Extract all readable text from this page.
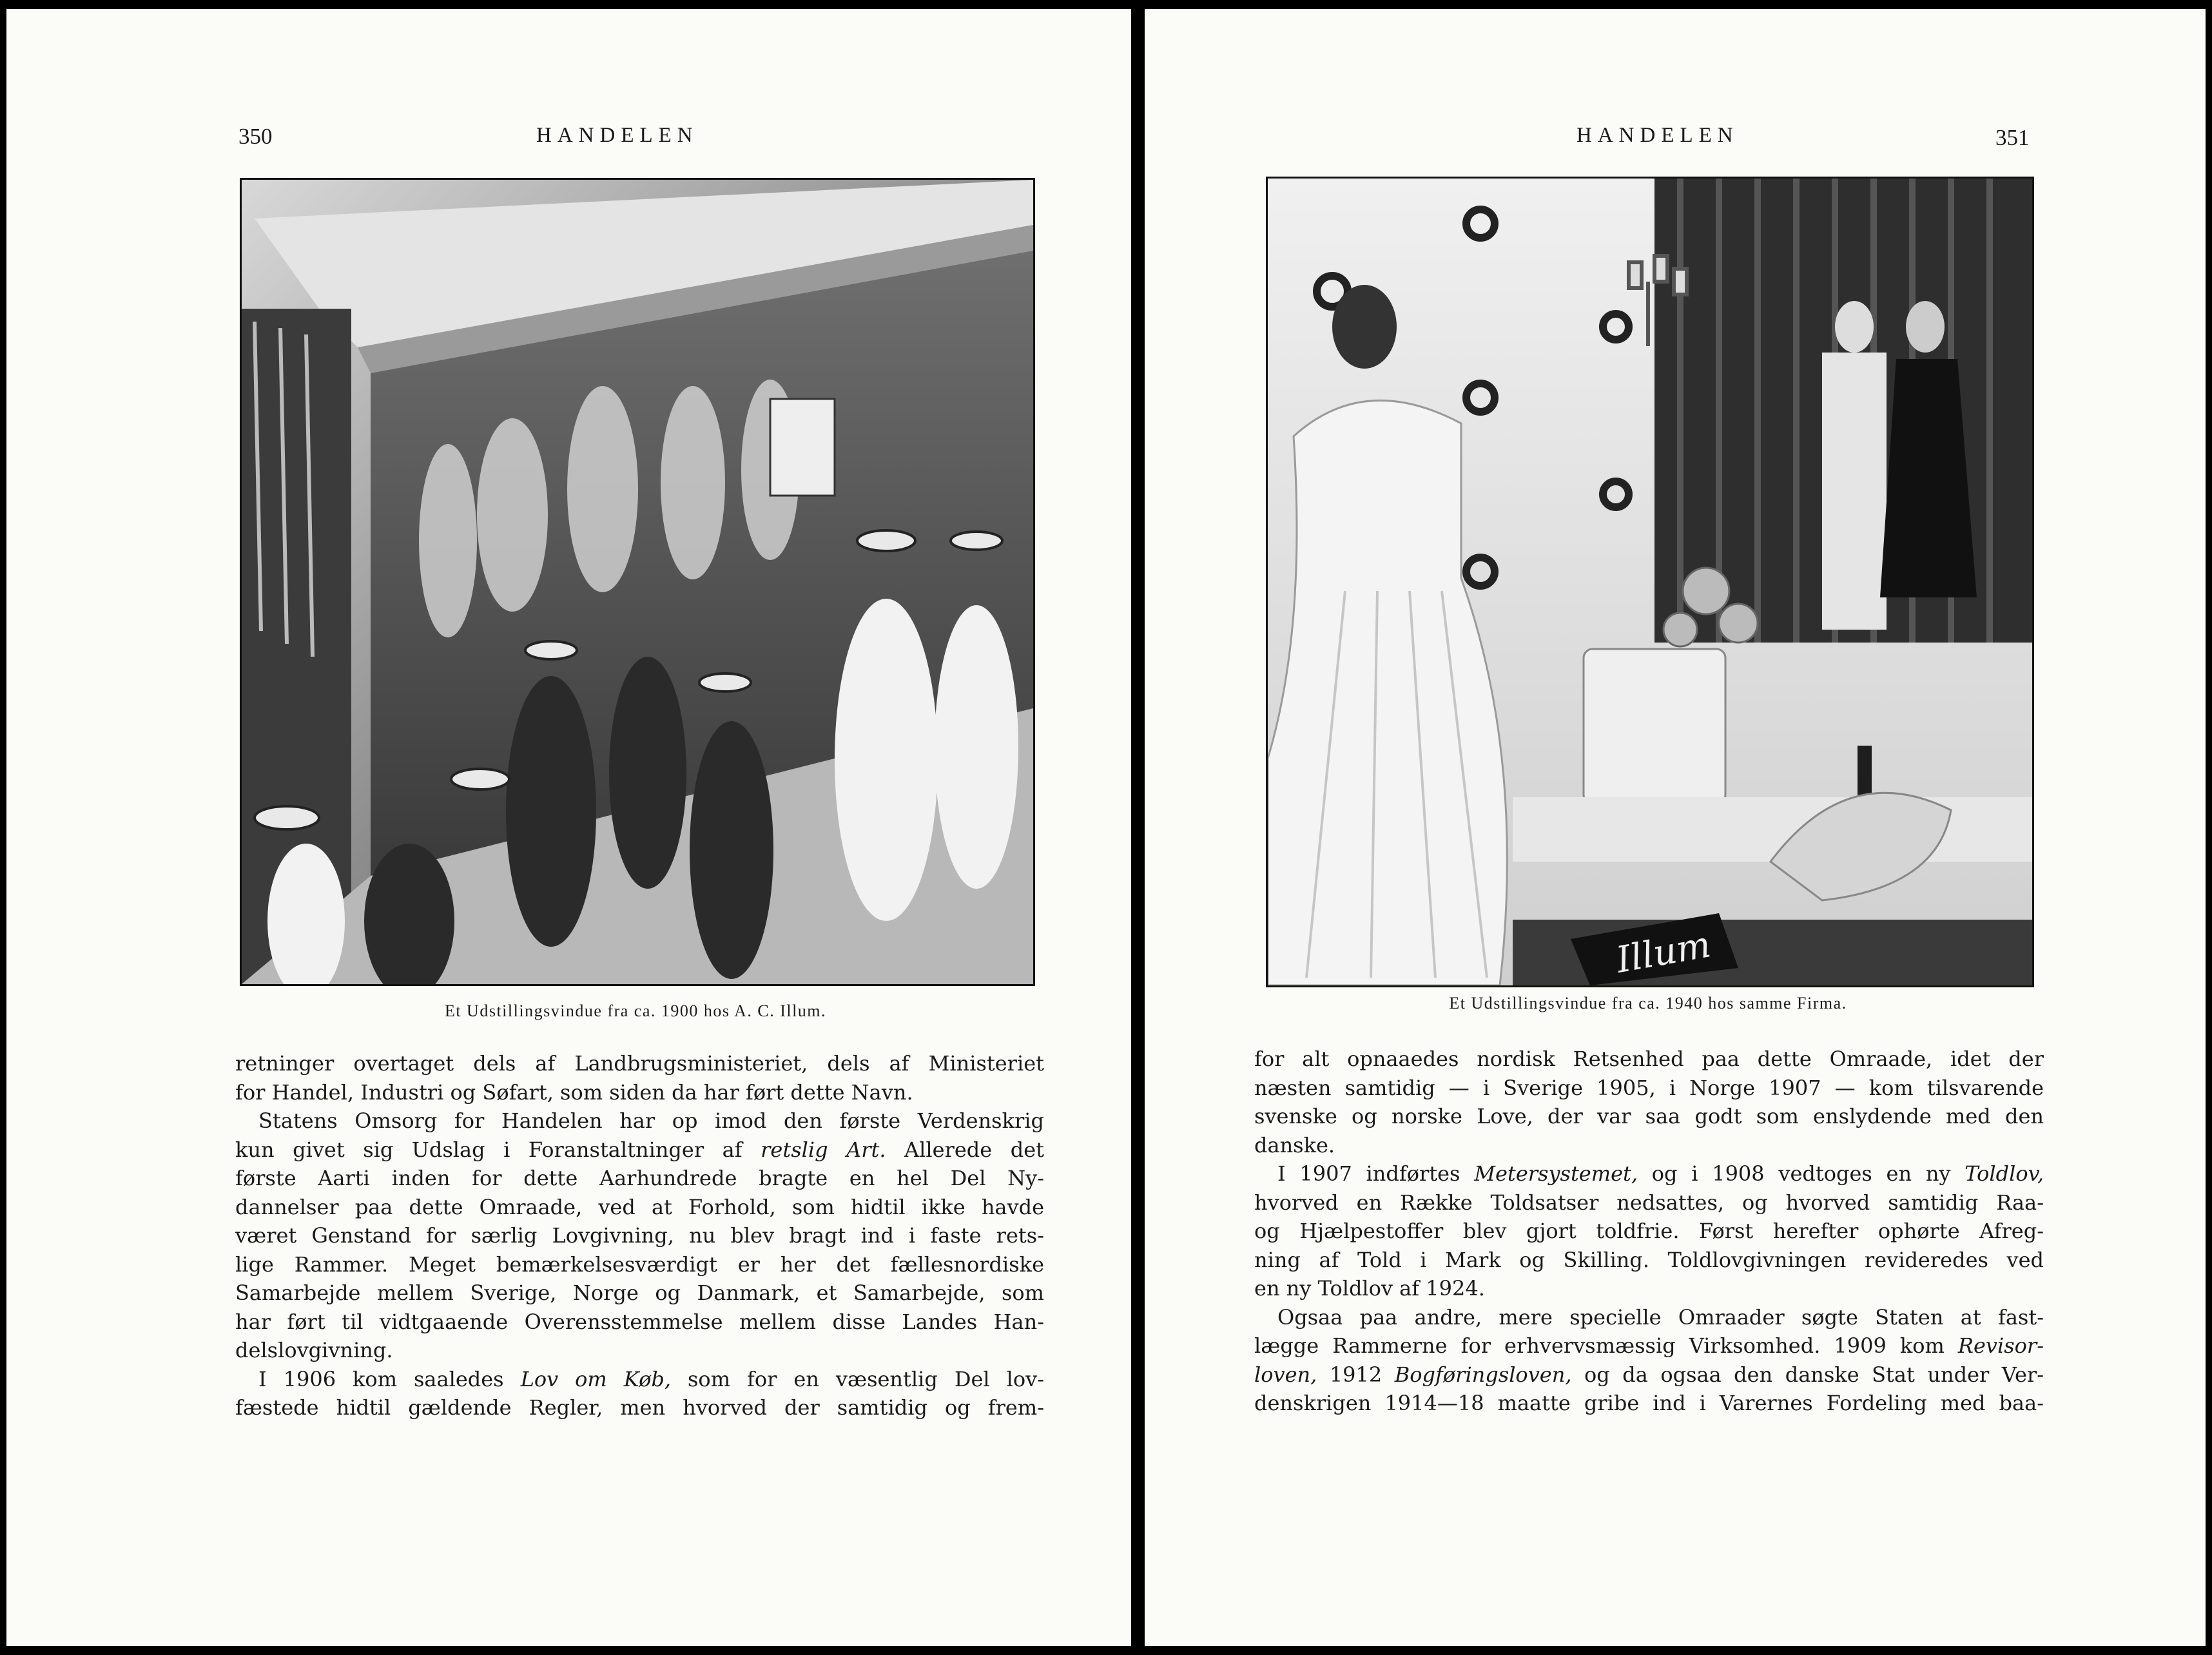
350	HANDELEN
Et Udstillingsvindue fra ca. 1900 hos A. C. Illum.
retninger overtaget dels af Landbrugsministeriet, dels af Ministeriet
for Handel, Industri og Søfart, som siden da har ført dette Navn.
Statens Omsorg for Handelen har op imod den første Verdenskrig
kun givet sig Udslag i Foranstaltninger af retslig Art. Allerede det
første Aarti inden for dette Aarhundrede bragte en hel Del Ny-
dannelser paa dette Omraade, ved at Forhold, som hidtil ikke havde
været Genstand for særlig Lovgivning, nu blev bragt ind i faste rets-
lige Rammer. Meget bemærkelsesværdigt er her det fællesnordiske
Samarbejde mellem Sverige, Norge og Danmark, et Samarbejde, som
har ført til vidtgaaende Overensstemmelse mellem disse Landes Han-
delslovgivning.
I 1906 kom saaledes Lov om Køb, som for en væsentlig Del lov-
fæstede hidtil gældende Regler, men hvorved der samtidig og frem-
HANDELEN	351
Illum
Et Udstillingsvindue fra ca. 1940 hos samme Firma.
for alt opnaaedes nordisk Retsenhed paa dette Omraade, idet der
næsten samtidig — i Sverige 1905, i Norge 1907 — kom tilsvarende
svenske og norske Love, der var saa godt som enslydende med den
danske.
I 1907 indførtes Metersystemet, og i 1908 vedtoges en ny Toldlov,
hvorved en Række Toldsatser nedsattes, og hvorved samtidig Raa-
og Hjælpestoffer blev gjort toldfrie. Først herefter ophørte Afreg-
ning af Told i Mark og Skilling. Toldlovgivningen revideredes ved
en ny Toldlov af 1924.
Ogsaa paa andre, mere specielle Omraader søgte Staten at fast-
lægge Rammerne for erhvervsmæssig Virksomhed. 1909 kom Revisor-
loven, 1912 Bogføringsloven, og da ogsaa den danske Stat under Ver-
denskrigen 1914—18 maatte gribe ind i Varernes Fordeling med baa-
